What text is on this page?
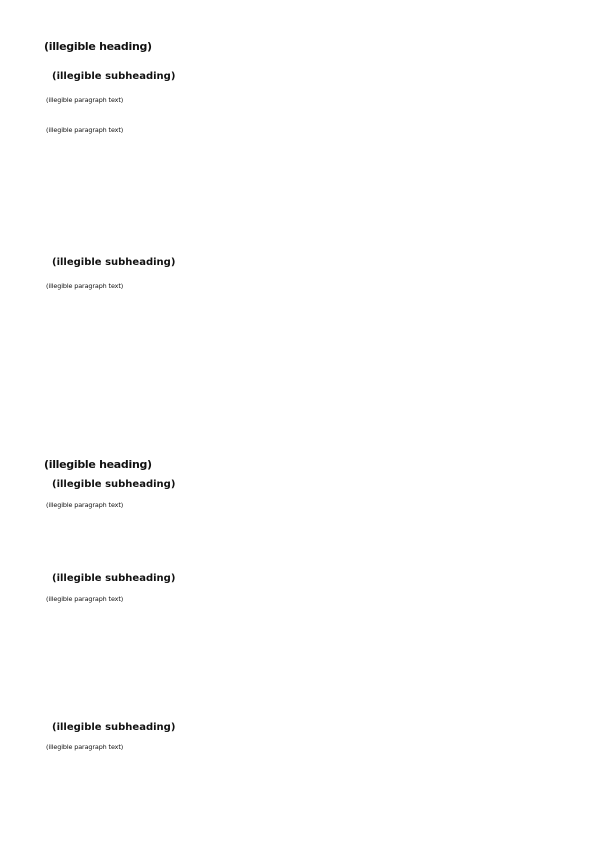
(illegible heading)
(illegible subheading)
(illegible paragraph text)
(illegible paragraph text)
(illegible subheading)
(illegible paragraph text)
(illegible heading)
(illegible subheading)
(illegible paragraph text)
(illegible subheading)
(illegible paragraph text)
(illegible subheading)
(illegible paragraph text)
